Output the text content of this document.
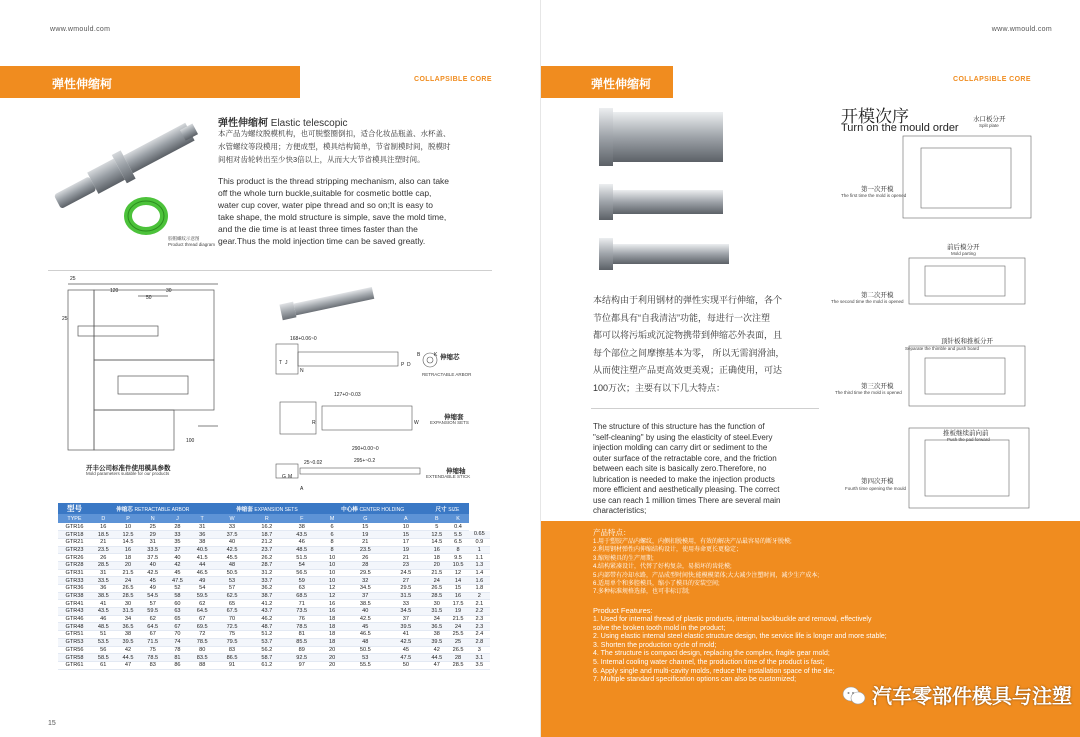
www.wmould.com
弹性伸缩柯	COLLAPSIBLE CORE
胶帽螺纹示意图
Product thread diagram
弹性伸缩柯 Elastic telescopic
本产品为螺纹脱模机构，也可脱整圈倒扣，适合化妆品瓶盖、水杯盖、
水管螺纹等段模用；方便成型，模具结构简单，节省制模时间，脱模时
间相对齿轮转出至少快3倍以上，从而大大节省模具注塑时间。
This product is the thread stripping mechanism, also can take
off the whole turn buckle,suitable for cosmetic bottle cap,
water cup cover, water pipe thread and so on;It is easy to
take shape, the mold structure is simple, save the mold time,
and the die time is at least three times faster than the
gear.Thus the mold injection time can be saved greatly.
25
120
50
30
25
100
开丰公司标准件使用模具参数
Mold parameters suitable for our products
168+0.06~0
伸缩芯
RETRACTABLE ARBOR
127+0~0.03
伸缩套
EXPANSION SETS
290+0.00~0
25~0.02	295+~0.2
伸缩轴
EXTENDABLE STICK
T J
N
P D
B	K
R	W
G M
A
型号	伸缩芯 RETRACTABLE ARBOR					伸缩套 EXPANSION SETS			中心棒 CENTER HOLDING			尺寸 SIZE		
TYPE	D	P	N	J	T	W	R	F	M	G	A	B	K	
GTR16	16	10	25	28	31	33	16.2	38	6	15	10	5	0.4	
GTR18	18.5	12.5	29	33	36	37.5	18.7	43.5	6	19	15	12.5	5.5	0.65
GTR21	21	14.5	31	35	38	40	21.2	46	8	21	17	14.5	6.5	0.9
GTR23	23.5	16	33.5	37	40.5	42.5	23.7	48.5	8	23.5	19	16	8	1
GTR26	26	18	37.5	40	41.5	45.5	26.2	51.5	10	26	21	18	9.5	1.1
GTR28	28.5	20	40	42	44	48	28.7	54	10	28	23	20	10.5	1.3
GTR31	31	21.5	42.5	45	46.5	50.5	31.2	56.5	10	29.5	24.5	21.5	12	1.4
GTR33	33.5	24	45	47.5	49	53	33.7	59	10	32	27	24	14	1.6
GTR36	36	26.5	49	52	54	57	36.2	63	12	34.5	29.5	26.5	15	1.8
GTR38	38.5	28.5	54.5	58	59.5	62.5	38.7	68.5	12	37	31.5	28.5	16	2
GTR41	41	30	57	60	62	65	41.2	71	16	38.5	33	30	17.5	2.1
GTR43	43.5	31.5	59.5	63	64.5	67.5	43.7	73.5	16	40	34.5	31.5	19	2.2
GTR46	46	34	62	65	67	70	46.2	76	18	42.5	37	34	21.5	2.3
GTR48	48.5	36.5	64.5	67	69.5	72.5	48.7	78.5	18	45	39.5	36.5	24	2.3
GTR51	51	38	67	70	72	75	51.2	81	18	46.5	41	38	25.5	2.4
GTR53	53.5	39.5	71.5	74	78.5	79.5	53.7	85.5	18	48	42.5	39.5	25	2.8
GTR56	56	42	75	78	80	83	56.2	89	20	50.5	45	42	26.5	3
GTR58	58.5	44.5	78.5	81	83.5	86.5	58.7	92.5	20	53	47.5	44.5	28	3.1
GTR61	61	47	83	86	88	91	61.2	97	20	55.5	50	47	28.5	3.5
15
www.wmould.com
弹性伸缩柯	COLLAPSIBLE CORE
开模次序
Turn on the mould order
水口板分开
Split plate
第一次开模
The first time the mold is opened
前后模分开
Mold parting
第二次开模
The second time the mold is opened
顶针板和推板分开
Separate the thimble and push board
第三次开模
The third time the mold is opened
推板继续前向前
Push the pad forward
第四次开模
Fourth time opening the mould
本结构由于利用钢材的弹性实现平行伸缩，各个
节位都具有“自我清洁”功能，每进行一次注塑
都可以将污垢或沉淀物携带到伸缩芯外表面，且
每个部位之间摩擦基本为零， 所以无需润滑油，
从而使注塑产品更高效更美观；正确使用，可达
100万次；主要有以下几大特点：
The structure of this structure has the function of
"self-cleaning" by using the elasticity of steel.Every
injection molding can carry dirt or sediment to the
outer surface of the retractable core, and the friction
between each site is basically zero.Therefore, no
lubrication is needed to make the injection products
more efficient and aesthetically pleasing. The correct
use can reach 1 million times There are several main
characteristics;
产品特点：
1.用于塑胶产品内螺纹，内侧扣脱模用，有效的解决产品最容易的断牙脱模;
2.利用钢材弹性内伸缩结构设计，使用寿命更长更稳定；
3.缩短模具的生产周期;
4.结构紧凑设计，代替了好构复杂，易损坏的齿轮模;
5.内部带有冷却水路，产品成型时间快;能模模架体;大大减少注塑时间，减少生产成本;
6.适用单个和多腔模具，缩小了模具的安装空间;
7.多种标准规格选择，也可非标订制;
Product Features:
1. Used for internal thread of plastic products, internal backbuckle and removal, effectively
solve the broken tooth mold in the product;
2. Using elastic internal steel elastic structure design, the service life is longer and more stable;
3. Shorten the production cycle of mold;
4. The structure is compact design, replacing the complex, fragile gear mold;
5. Internal cooling water channel, the production time of the product is fast;
6. Apply single and multi-cavity molds, reduce the installation space of the die;
7. Multiple standard specification options can also be customized;
汽车零部件模具与注塑
